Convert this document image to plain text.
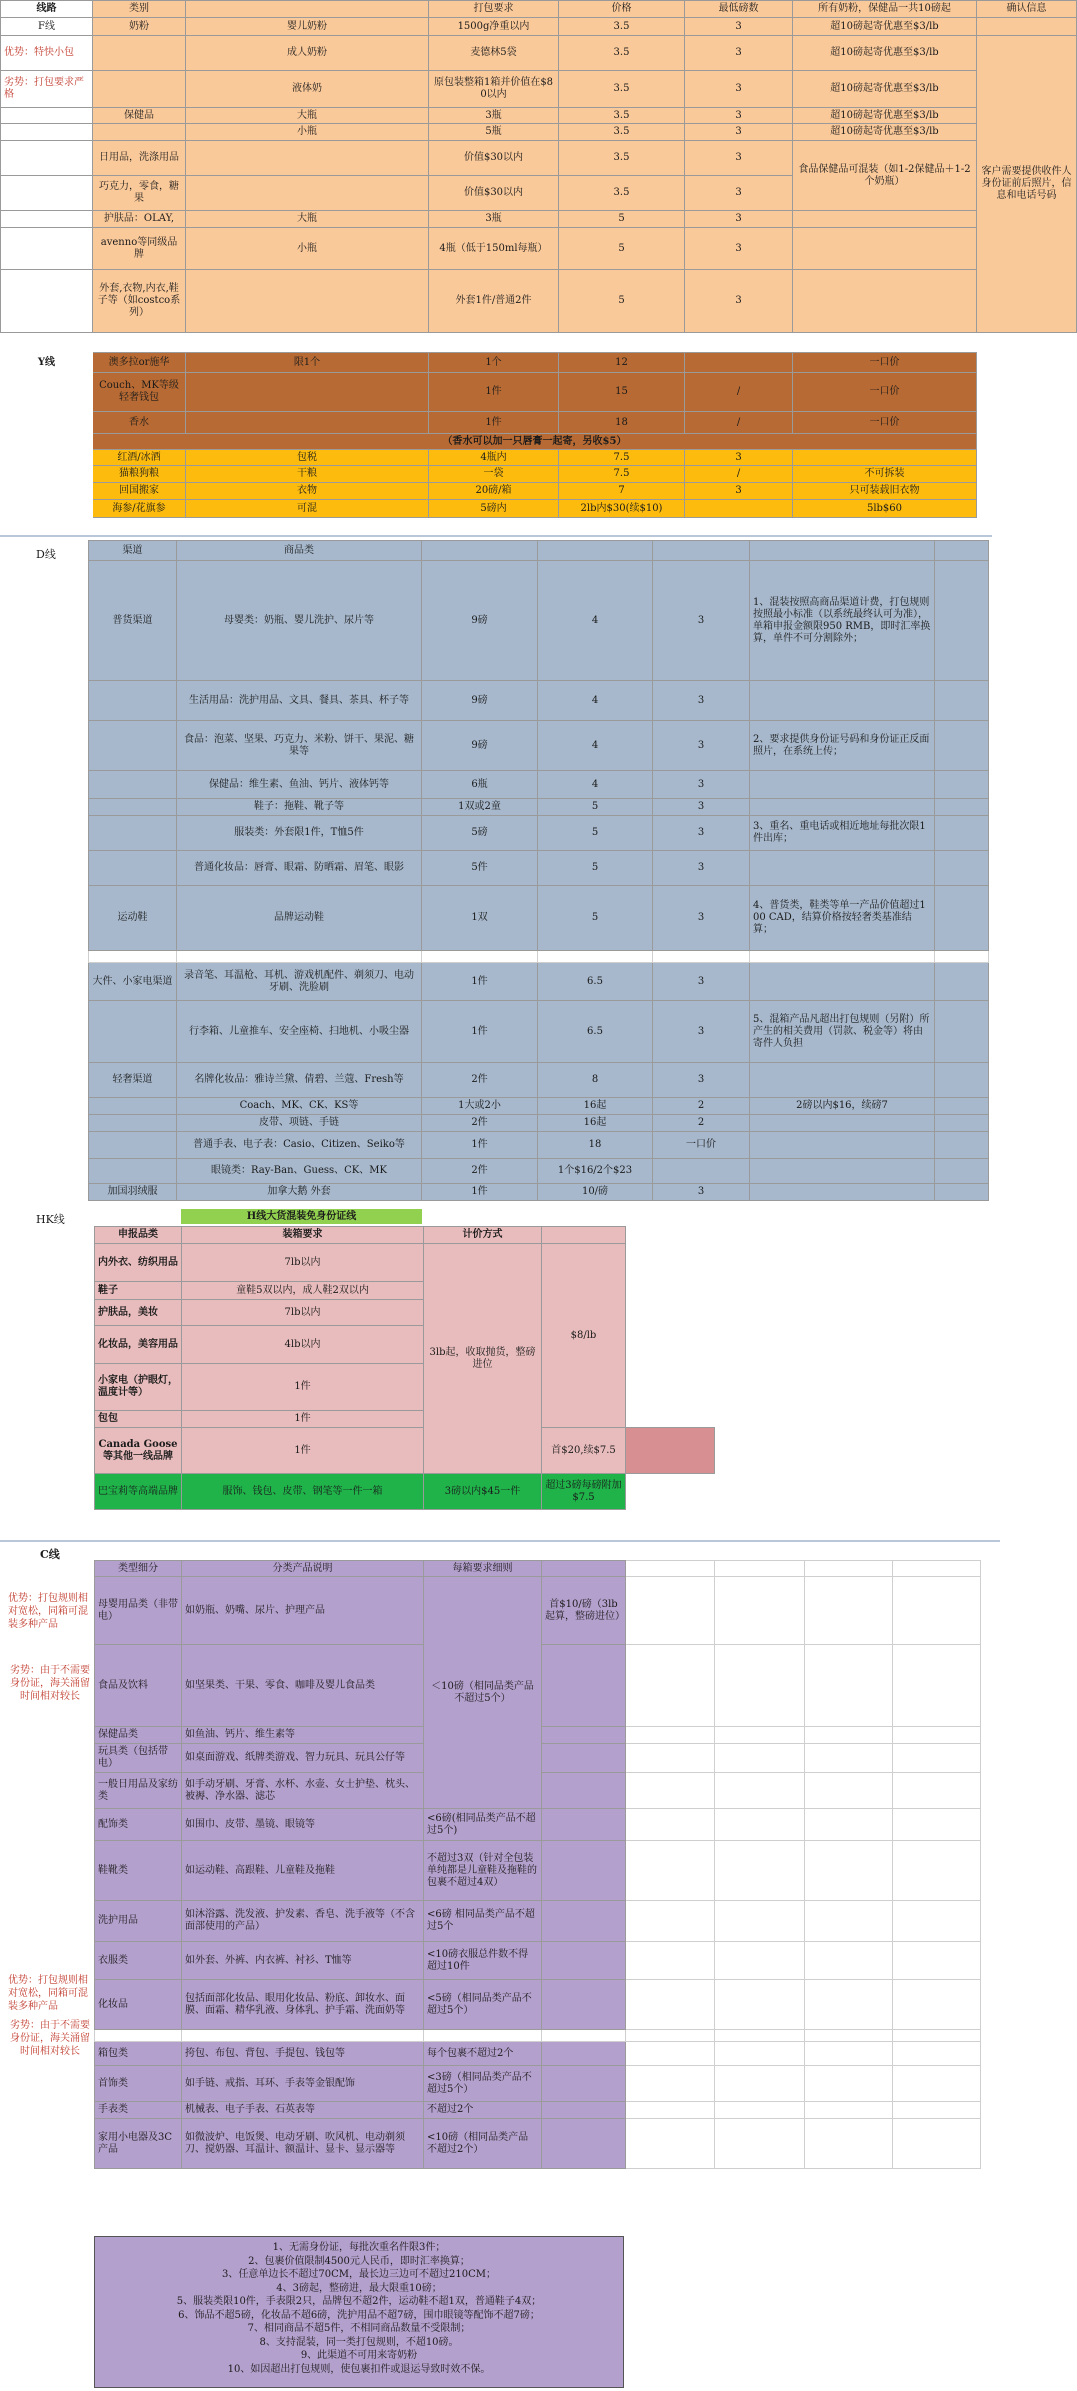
线路	类别		打包要求	价格	最低磅数	所有奶粉，保健品一共10磅起	确认信息	
F线	奶粉	婴儿奶粉	1500g净重以内	3.5	3	超10磅起寄优惠至$3/lb		
优势：特快小包		成人奶粉	麦德林5袋	3.5	3	超10磅起寄优惠至$3/lb	客户需要提供收件人身份证前后照片，信息和电话号码	
劣势：打包要求严格		液体奶	原包装整箱1箱并价值在$80以内	3.5	3	超10磅起寄优惠至$3/lb		
	保健品	大瓶	3瓶	3.5	3	超10磅起寄优惠至$3/lb		
		小瓶	5瓶	3.5	3	超10磅起寄优惠至$3/lb		
	日用品，洗涤用品		价值$30以内	3.5	3	食品保健品可混装（如1-2保健品＋1-2个奶瓶）		
	巧克力，零食，糖果		价值$30以内	3.5	3			
	护肤品：OLAY,	大瓶	3瓶	5	3			
	avenno等同级品牌	小瓶	4瓶（低于150ml每瓶）	5	3			
	外套,衣物,内衣,鞋子等（如costco系列）		外套1件/普通2件	5	3			
Y线	澳多拉or施华	限1个	1个	12		一口价
	Couch、MK等级轻奢钱包		1件	15	/	一口价
	香水		1件	18	/	一口价
	（香水可以加一只唇膏一起寄，另收$5）					
	红酒/冰酒	包税	4瓶内	7.5	3	
	猫粮狗粮	干粮	一袋	7.5	/	不可拆装
	回国搬家	衣物	20磅/箱	7	3	只可装载旧衣物
	海参/花旗参	可混	5磅内	2lb内$30(续$10)		5lb$60
D线	渠道	商品类					
普货渠道	母婴类：奶瓶、婴儿洗护、尿片等	9磅	4	3	1、混装按照高商品渠道计费，打包规则按照最小标准（以系统最终认可为准），单箱申报金额限950 RMB，即时汇率换算，单件不可分割除外；	
	生活用品：洗护用品、文具、餐具、茶具、杯子等	9磅	4	3		
	食品：泡菜、坚果、巧克力、米粉、饼干、果泥、糖果等	9磅	4	3	2、要求提供身份证号码和身份证正反面照片，在系统上传；	
	保健品：维生素、鱼油、钙片、液体钙等	6瓶	4	3		
	鞋子：拖鞋、靴子等	1双或2童	5	3		
	服装类：外套限1件，T恤5件	5磅	5	3	3、重名、重电话或相近地址每批次限1件出库；	
	普通化妆品：唇膏、眼霜、防晒霜、眉笔、眼影	5件	5	3		
运动鞋	品牌运动鞋	1双	5	3	4、普货类，鞋类等单一产品价值超过100 CAD，结算价格按轻奢类基准结算；	

大件、小家电渠道	录音笔、耳温枪、耳机、游戏机配件、剃须刀、电动牙刷、洗脸刷	1件	6.5	3		
	行李箱、儿童推车、安全座椅、扫地机、小吸尘器	1件	6.5	3	5、混箱产品凡超出打包规则（另附）所产生的相关费用（罚款、税金等）将由寄件人负担	
轻奢渠道	名牌化妆品：雅诗兰黛、倩碧、兰蔻、Fresh等	2件	8	3		
	Coach、MK、CK、KS等	1大或2小	16起	2	2磅以内$16，续磅7	
	皮带、项链、手链	2件	16起	2		
	普通手表、电子表：Casio、Citizen、Seiko等	1件	18	一口价		
	眼镜类：Ray-Ban、Guess、CK、MK	2件	1个$16/2个$23			
加国羽绒服	加拿大鹅 外套	1件	10/磅	3		
HK线	H线大货混装免身份证线
申报品类	装箱要求	计价方式		
内外衣、纺织用品	7lb以内	3lb起，收取抛货，整磅进位	$8/lb	
鞋子	童鞋5双以内，成人鞋2双以内			
护肤品，美妆	7lb以内			
化妆品，美容用品	4lb以内			
小家电（护眼灯，温度计等）	1件			
包包	1件			
Canada Goose等其他一线品牌	1件		首$20,续$7.5	
巴宝莉等高端品牌	服饰、钱包、皮带、钢笔等一件一箱	3磅以内$45一件	超过3磅每磅附加$7.5	
C线
优势：打包规则相对宽松，同箱可混装多种产品
劣势：由于不需要身份证，海关涌留时间相对较长
优势：打包规则相对宽松，同箱可混装多种产品
劣势：由于不需要身份证，海关涌留时间相对较长
类型细分	分类产品说明	每箱要求细则					
母婴用品类（非带电）	如奶瓶、奶嘴、尿片、护理产品	＜10磅（相同品类产品不超过5个）	首$10/磅（3lb起算，整磅进位）				
食品及饮料	如坚果类、干果、零食、咖啡及婴儿食品类						
保健品类	如鱼油、钙片、维生素等						
玩具类（包括带电）	如桌面游戏、纸牌类游戏、智力玩具、玩具公仔等						
一般日用品及家纺类	如手动牙刷、牙膏、水杯、水壶、女士护垫、枕头、被褥、净水器、滤芯						
配饰类	如围巾、皮带、墨镜、眼镜等	<6磅(相同品类产品不超过5个)					
鞋靴类	如运动鞋、高跟鞋、儿童鞋及拖鞋	不超过3双（针对全包装单纯都是儿童鞋及拖鞋的包裹不超过4双）					
洗护用品	如沐浴露、洗发液、护发素、香皂、洗手液等（不含面部使用的产品）	<6磅 相同品类产品不超过5个					
衣服类	如外套、外裤、内衣裤、衬衫、T恤等	<10磅衣服总件数不得超过10件					
化妆品	包括面部化妆品、眼用化妆品、粉底、卸妆水、面膜、面霜、精华乳液、身体乳、护手霜、洗面奶等	<5磅（相同品类产品不超过5个）					

箱包类	挎包、布包、背包、手提包、钱包等	每个包裹不超过2个					
首饰类	如手链、戒指、耳环、手表等金银配饰	<3磅（相同品类产品不超过5个）					
手表类	机械表、电子手表、石英表等	不超过2个					
家用小电器及3C产品	如微波炉、电饭煲、电动牙刷、吹风机、电动剃须刀、搅奶器、耳温计、额温计、显卡、显示器等	<10磅（相同品类产品不超过2个）					
1、无需身份证，每批次重名件限3件；
2、包裹价值限制4500元人民币，即时汇率换算；
3、任意单边长不超过70CM，最长边三边可不超过210CM；
4、3磅起，整磅进，最大限重10磅；
5、服装类限10件，手表限2只，品牌包不超2件，运动鞋不超1双，普通鞋子4双；
6、饰品不超5磅，化妆品不超6磅，洗护用品不超7磅，围巾眼镜等配饰不超7磅；
7、相同商品不超5件，不相同商品数量不受限制；
8、支持混装，同一类打包规则，不超10磅。
9、此渠道不可用来寄奶粉
10、如因超出打包规则，使包裹扣件或退运导致时效不保。
